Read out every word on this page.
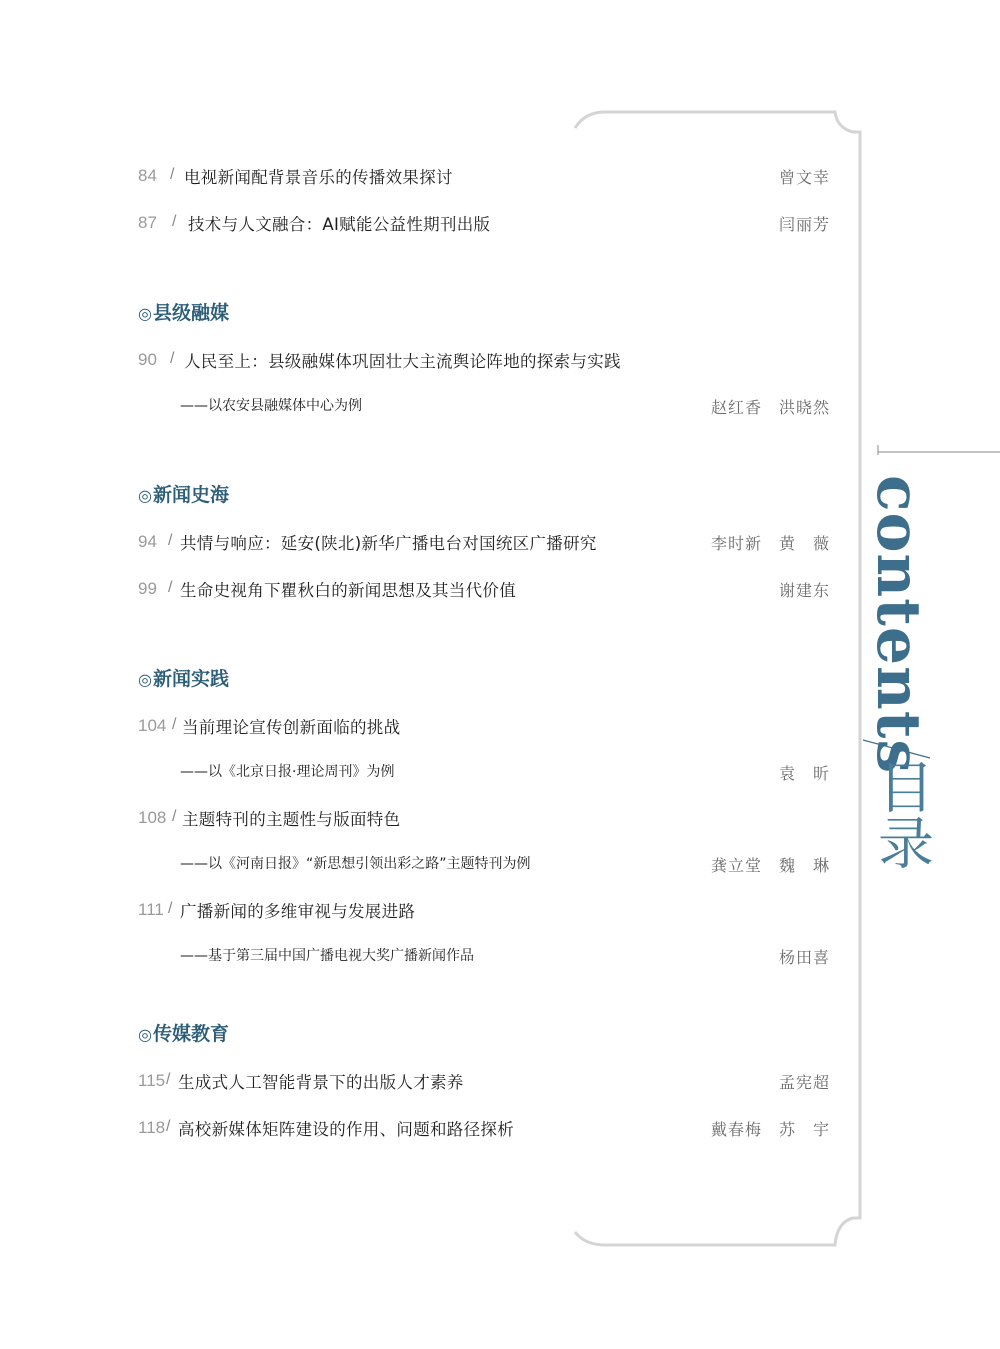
84 / 电视新闻配背景音乐的传播效果探讨	曾文幸
87 / 技术与人文融合：AI赋能公益性期刊出版	闫丽芳
◎县级融媒
90 / 人民至上：县级融媒体巩固壮大主流舆论阵地的探索与实践
——以农安县融媒体中心为例	赵红香　洪晓然
◎新闻史海
94 / 共情与响应：延安(陕北)新华广播电台对国统区广播研究	李时新　黄　薇
99 / 生命史视角下瞿秋白的新闻思想及其当代价值	谢建东
◎新闻实践
104 / 当前理论宣传创新面临的挑战
——以《北京日报·理论周刊》为例	袁　昕
108 / 主题特刊的主题性与版面特色
——以《河南日报》“新思想引领出彩之路”主题特刊为例	龚立堂　魏　琳
111 / 广播新闻的多维审视与发展进路
——基于第三届中国广播电视大奖广播新闻作品	杨田喜
◎传媒教育
115 / 生成式人工智能背景下的出版人才素养	孟宪超
118 / 高校新媒体矩阵建设的作用、问题和路径探析	戴春梅　苏　宇
contents
目录
